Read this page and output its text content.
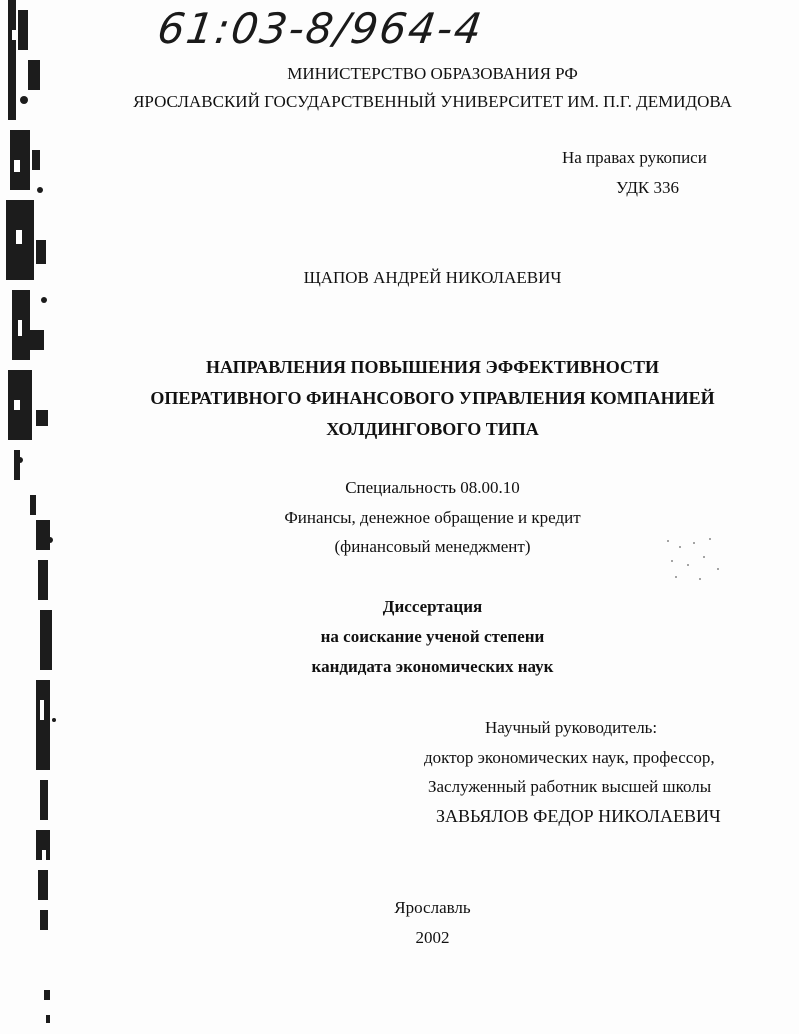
61:03-8/964-4
МИНИСТЕРСТВО ОБРАЗОВАНИЯ РФ
ЯРОСЛАВСКИЙ ГОСУДАРСТВЕННЫЙ УНИВЕРСИТЕТ ИМ. П.Г. ДЕМИДОВА
На правах рукописи
УДК 336
ЩАПОВ АНДРЕЙ НИКОЛАЕВИЧ
НАПРАВЛЕНИЯ ПОВЫШЕНИЯ ЭФФЕКТИВНОСТИ
ОПЕРАТИВНОГО ФИНАНСОВОГО УПРАВЛЕНИЯ КОМПАНИЕЙ
ХОЛДИНГОВОГО ТИПА
Специальность 08.00.10
Финансы, денежное обращение и кредит
(финансовый менеджмент)
Диссертация
на соискание ученой степени
кандидата экономических наук
Научный руководитель:
доктор экономических наук, профессор,
Заслуженный работник высшей школы
ЗАВЬЯЛОВ ФЕДОР НИКОЛАЕВИЧ
Ярославль
2002
